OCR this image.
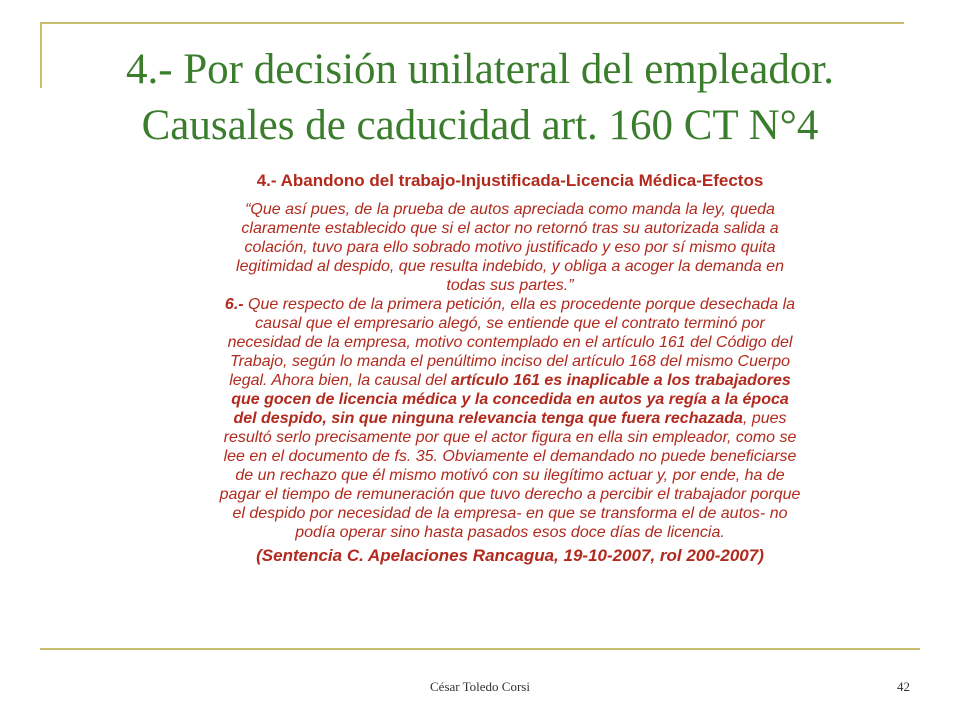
4.- Por decisión unilateral del empleador.
Causales de caducidad art. 160 CT N°4
4.- Abandono del trabajo-Injustificada-Licencia Médica-Efectos

“Que así pues, de la prueba de autos apreciada como manda la ley, queda
claramente establecido que si el actor no retornó tras su autorizada salida a
colación, tuvo para ello sobrado motivo justificado y eso por sí mismo quita
legitimidad al despido, que resulta indebido, y obliga a acoger la demanda en
todas sus partes.”
6.- Que respecto de la primera petición, ella es procedente porque desechada la
causal que el empresario alegó, se entiende que el contrato terminó por
necesidad de la empresa, motivo contemplado en el artículo 161 del Código del
Trabajo, según lo manda el penúltimo inciso del artículo 168 del mismo Cuerpo
legal. Ahora bien, la causal del artículo 161 es inaplicable a los trabajadores
que gocen de licencia médica y la concedida en autos ya regía a la época
del despido, sin que ninguna relevancia tenga que fuera rechazada, pues
resultó serlo precisamente por que el actor figura en ella sin empleador, como se
lee en el documento de fs. 35. Obviamente el demandado no puede beneficiarse
de un rechazo que él mismo motivó con su ilegítimo actuar y, por ende, ha de
pagar el tiempo de remuneración que tuvo derecho a percibir el trabajador porque
el despido por necesidad de la empresa- en que se transforma el de autos- no
podía operar sino hasta pasados esos doce días de licencia.

(Sentencia C. Apelaciones Rancagua, 19-10-2007, rol 200-2007)
César Toledo Corsi	42
